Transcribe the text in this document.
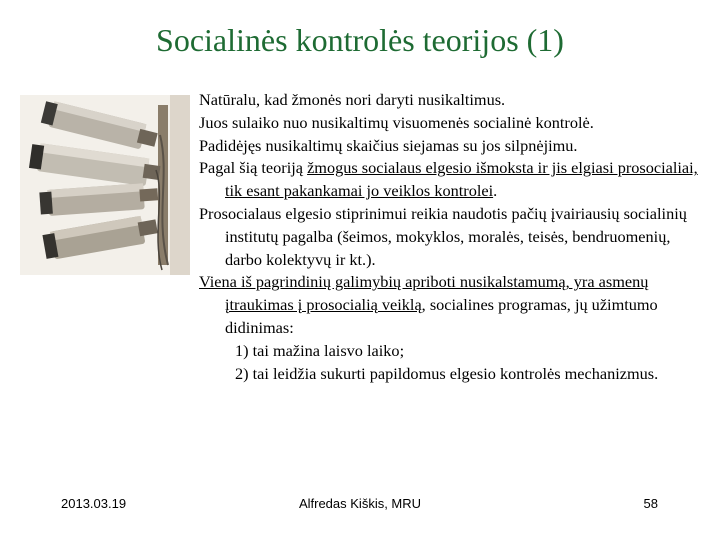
Socialinės kontrolės teorijos (1)
Natūralu, kad žmonės nori daryti nusikaltimus.
Juos sulaiko nuo nusikaltimų visuomenės socialinė kontrolė.
Padidėjęs nusikaltimų skaičius siejamas su jos silpnėjimu.
Pagal šią teoriją žmogus socialaus elgesio išmoksta ir jis elgiasi prosocialiai, tik esant pakankamai jo veiklos kontrolei.
Prosocialaus elgesio stiprinimui reikia naudotis pačių įvairiausių socialinių institutų pagalba (šeimos, mokyklos, moralės, teisės, bendruomenių, darbo kolektyvų ir kt.).
Viena iš pagrindinių galimybių apriboti nusikalstamumą, yra asmenų įtraukimas į prosocialią veiklą, socialines programas, jų užimtumo didinimas:
1) tai mažina laisvo laiko;
2) tai leidžia sukurti papildomus elgesio kontrolės mechanizmus.
2013.03.19	Alfredas Kiškis, MRU	58
